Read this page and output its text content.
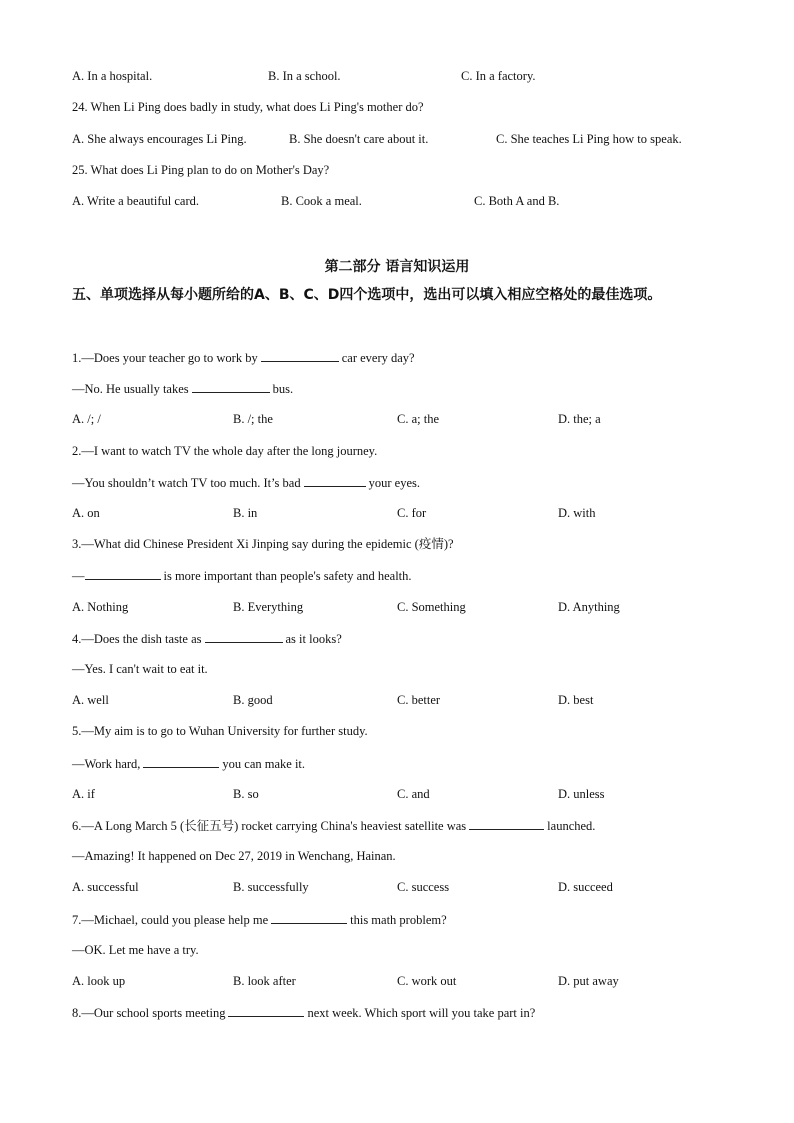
A. In a hospital.	B. In a school.	C. In a factory.
24. When Li Ping does badly in study, what does Li Ping's mother do?
A. She always encourages Li Ping.	B. She doesn't care about it.	C. She teaches Li Ping how to speak.
25. What does Li Ping plan to do on Mother's Day?
A. Write a beautiful card.	B. Cook a meal.	C. Both A and B.
第二部分 语言知识运用
五、单项选择从每小题所给的A、B、C、D四个选项中，选出可以填入相应空格处的最佳选项。
1.—Does your teacher go to work by	car every day?
—No. He usually takes	bus.
A. /; /	B. /; the	C. a; the	D. the; a
2.—I want to watch TV the whole day after the long journey.
—You shouldn’t watch TV too much. It’s bad	your eyes.
A. on	B. in	C. for	D. with
3.—What did Chinese President Xi Jinping say during the epidemic (疫情)?
—	is more important than people's safety and health.
A. Nothing	B. Everything	C. Something	D. Anything
4.—Does the dish taste as	as it looks?
—Yes. I can't wait to eat it.
A. well	B. good	C. better	D. best
5.—My aim is to go to Wuhan University for further study.
—Work hard,	you can make it.
A. if	B. so	C. and	D. unless
6.—A Long March 5 (长征五号) rocket carrying China's heaviest satellite was	launched.
—Amazing! It happened on Dec 27, 2019 in Wenchang, Hainan.
A. successful	B. successfully	C. success	D. succeed
7.—Michael, could you please help me	this math problem?
—OK. Let me have a try.
A. look up	B. look after	C. work out	D. put away
8.—Our school sports meeting	next week. Which sport will you take part in?
